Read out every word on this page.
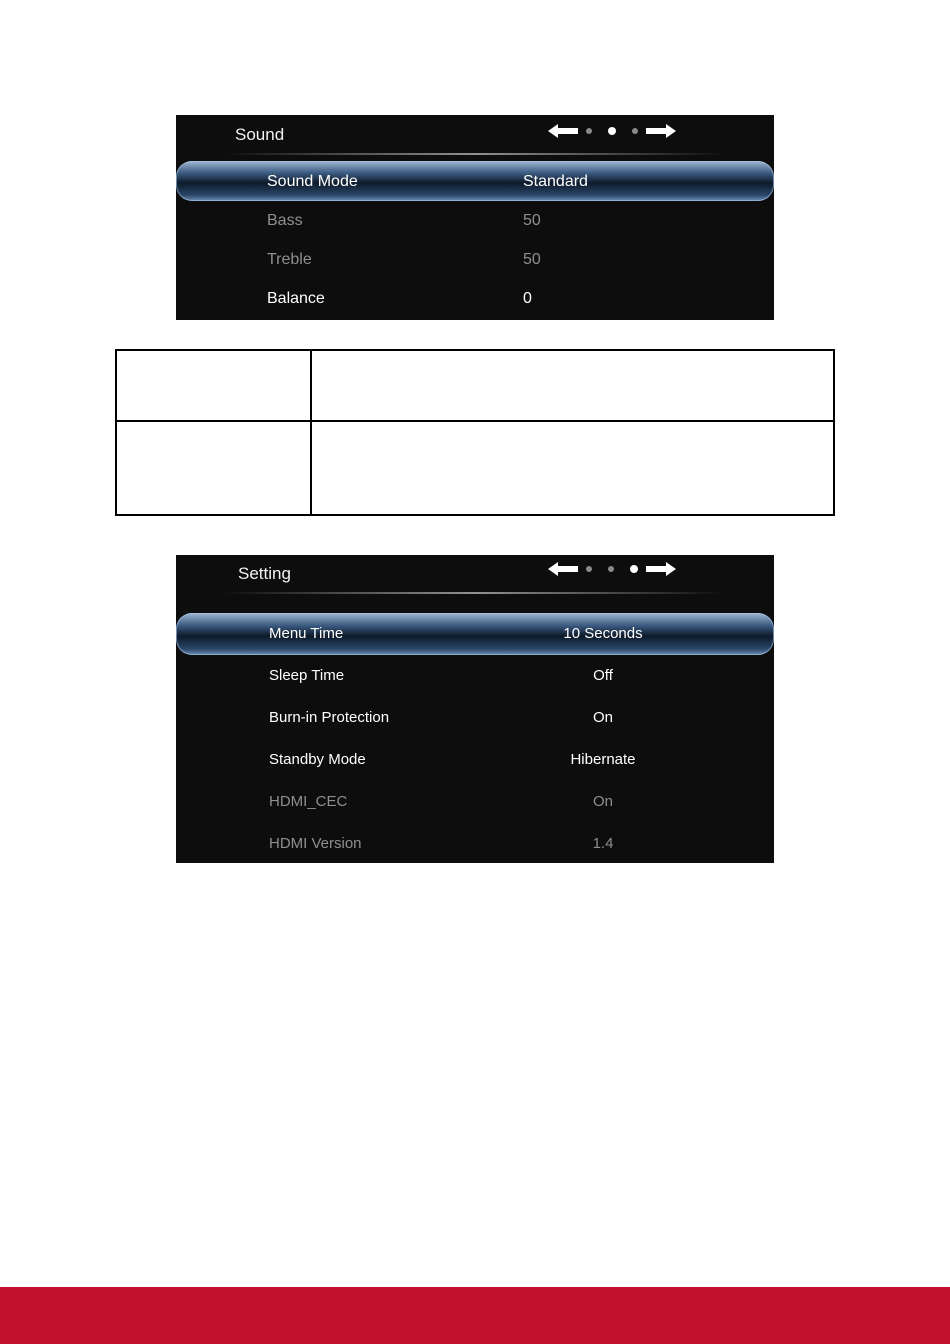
Sound
Sound Mode	Standard
Bass	50
Treble	50
Balance	0

Setting
Menu Time	10 Seconds
Sleep Time	Off
Burn-in Protection	On
Standby Mode	Hibernate
HDMI_CEC	On
HDMI Version	1.4
